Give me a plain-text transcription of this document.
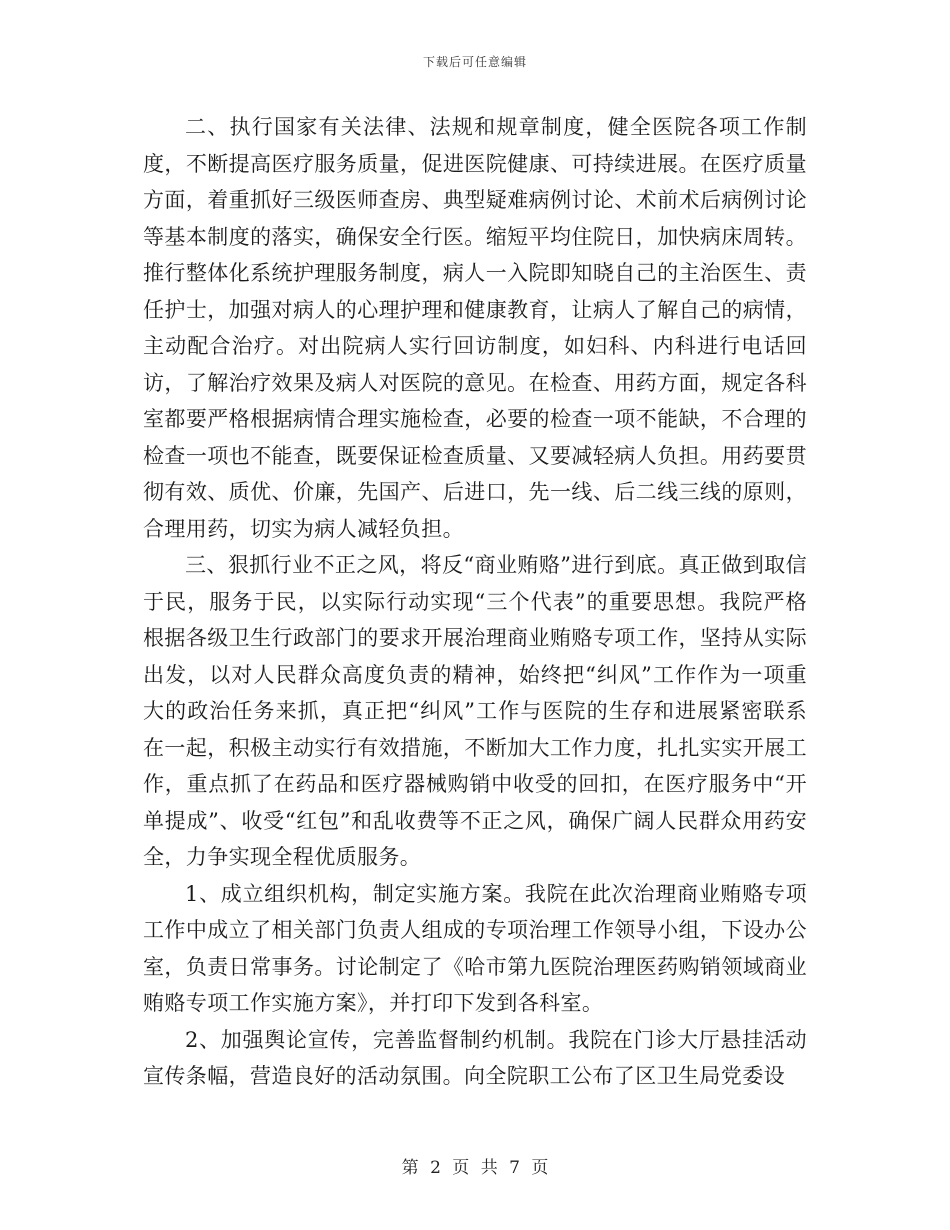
下载后可任意编辑

二、执行国家有关法律、法规和规章制度，健全医院各项工作制度，不断提高医疗服务质量，促进医院健康、可持续进展。在医疗质量方面，着重抓好三级医师查房、典型疑难病例讨论、术前术后病例讨论等基本制度的落实，确保安全行医。缩短平均住院日，加快病床周转。推行整体化系统护理服务制度，病人一入院即知晓自己的主治医生、责任护士，加强对病人的心理护理和健康教育，让病人了解自己的病情，主动配合治疗。对出院病人实行回访制度，如妇科、内科进行电话回访，了解治疗效果及病人对医院的意见。在检查、用药方面，规定各科室都要严格根据病情合理实施检查，必要的检查一项不能缺，不合理的检查一项也不能查，既要保证检查质量、又要减轻病人负担。用药要贯彻有效、质优、价廉，先国产、后进口，先一线、后二线三线的原则，合理用药，切实为病人减轻负担。

三、狠抓行业不正之风，将反“商业贿赂”进行到底。真正做到取信于民，服务于民，以实际行动实现“三个代表”的重要思想。我院严格根据各级卫生行政部门的要求开展治理商业贿赂专项工作，坚持从实际出发，以对人民群众高度负责的精神，始终把“纠风”工作作为一项重大的政治任务来抓，真正把“纠风”工作与医院的生存和进展紧密联系在一起，积极主动实行有效措施，不断加大工作力度，扎扎实实开展工作，重点抓了在药品和医疗器械购销中收受的回扣，在医疗服务中“开单提成”、收受“红包”和乱收费等不正之风，确保广阔人民群众用药安全，力争实现全程优质服务。

1、成立组织机构，制定实施方案。我院在此次治理商业贿赂专项工作中成立了相关部门负责人组成的专项治理工作领导小组，下设办公室，负责日常事务。讨论制定了《哈市第九医院治理医药购销领域商业贿赂专项工作实施方案》，并打印下发到各科室。

2、加强舆论宣传，完善监督制约机制。我院在门诊大厅悬挂活动宣传条幅，营造良好的活动氛围。向全院职工公布了区卫生局党委设

第 2 页 共 7 页
